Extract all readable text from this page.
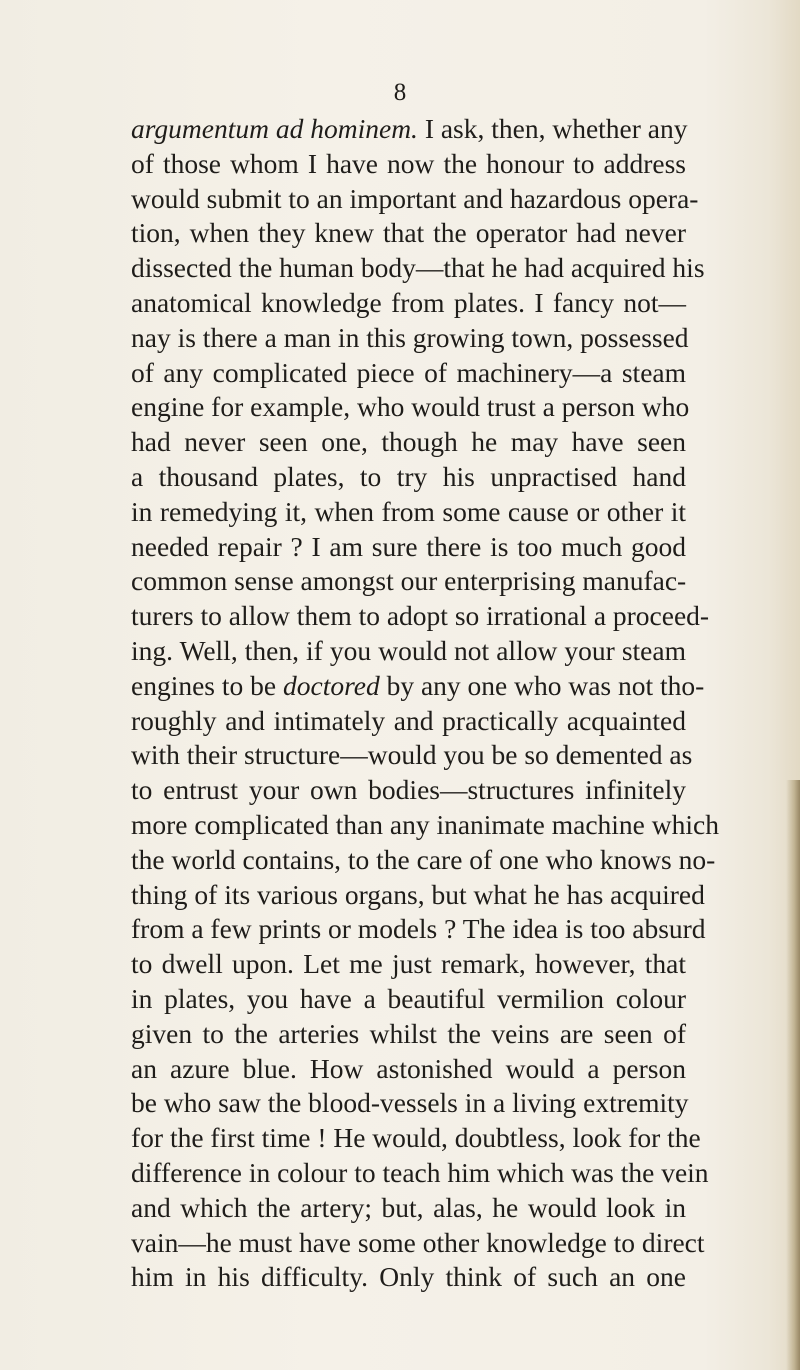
8
argumentum ad hominem. I ask, then, whether any
of those whom I have now the honour to address
would submit to an important and hazardous opera-
tion, when they knew that the operator had never
dissected the human body—that he had acquired his
anatomical knowledge from plates. I fancy not—
nay is there a man in this growing town, possessed
of any complicated piece of machinery—a steam
engine for example, who would trust a person who
had never seen one, though he may have seen
a thousand plates, to try his unpractised hand
in remedying it, when from some cause or other it
needed repair ? I am sure there is too much good
common sense amongst our enterprising manufac-
turers to allow them to adopt so irrational a proceed-
ing. Well, then, if you would not allow your steam
engines to be doctored by any one who was not tho-
roughly and intimately and practically acquainted
with their structure—would you be so demented as
to entrust your own bodies—structures infinitely
more complicated than any inanimate machine which
the world contains, to the care of one who knows no-
thing of its various organs, but what he has acquired
from a few prints or models ? The idea is too absurd
to dwell upon. Let me just remark, however, that
in plates, you have a beautiful vermilion colour
given to the arteries whilst the veins are seen of
an azure blue. How astonished would a person
be who saw the blood-vessels in a living extremity
for the first time ! He would, doubtless, look for the
difference in colour to teach him which was the vein
and which the artery; but, alas, he would look in
vain—he must have some other knowledge to direct
him in his difficulty. Only think of such an one
